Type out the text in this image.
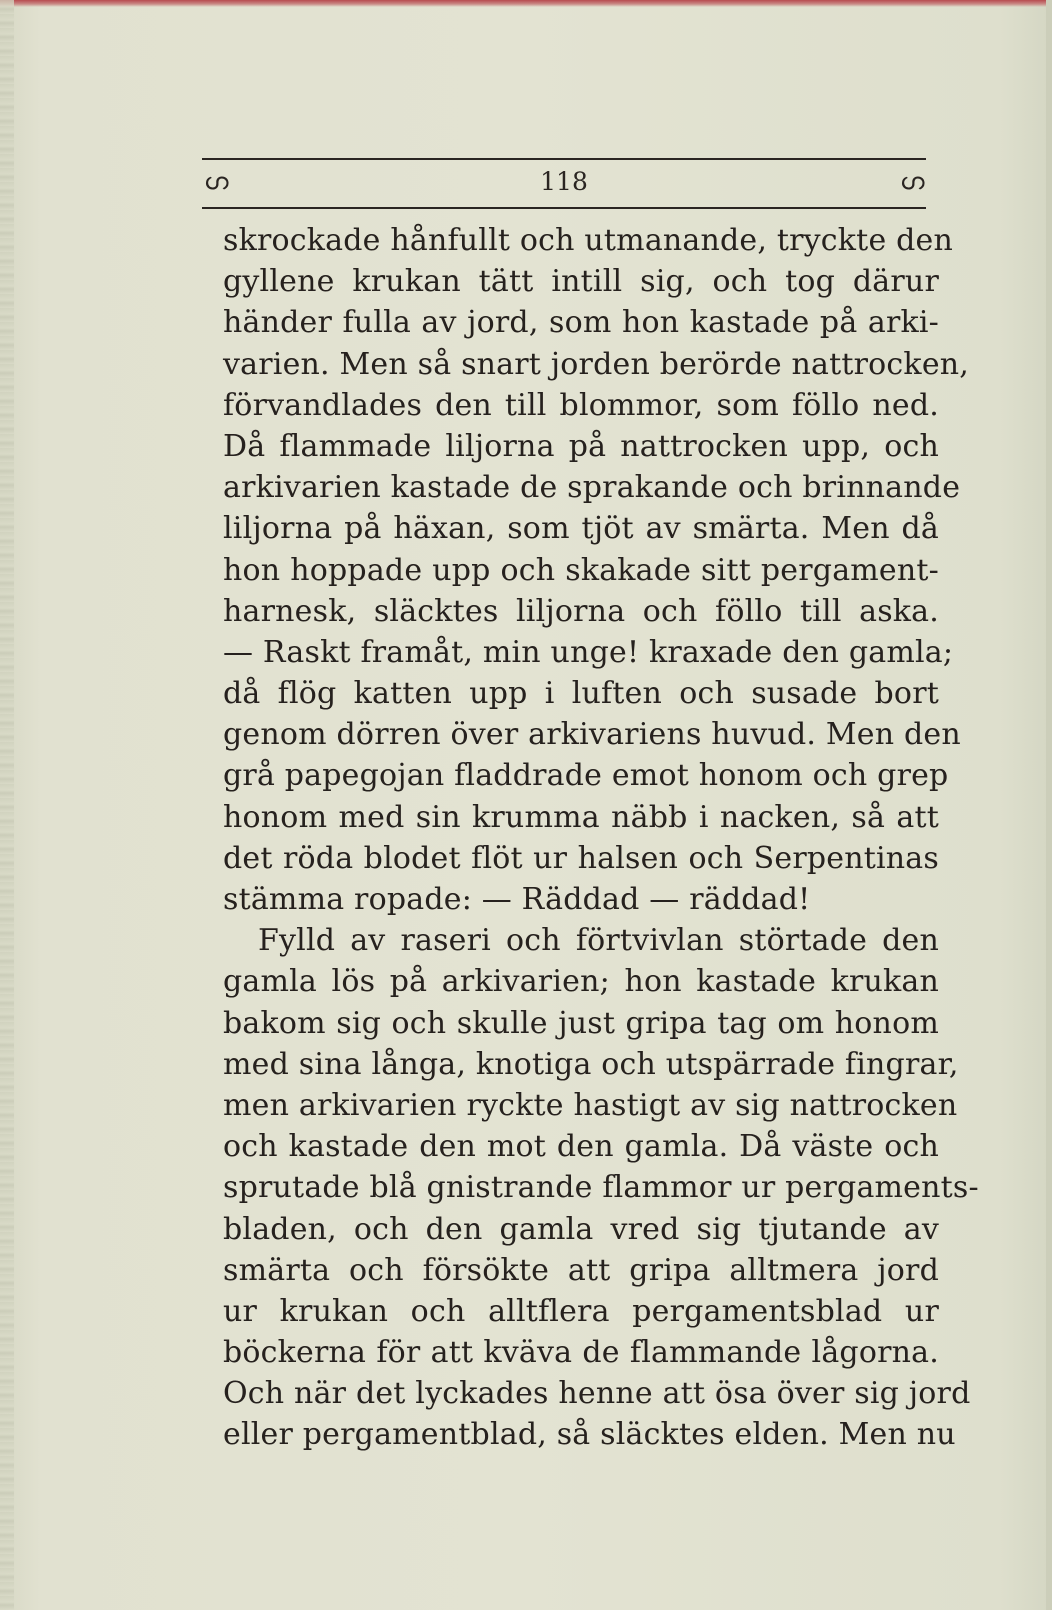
ഗ	118	ഗ
skrockade hånfullt och utmanande, tryckte den
gyllene krukan tätt intill sig, och tog därur
händer fulla av jord, som hon kastade på arki-
varien. Men så snart jorden berörde nattrocken,
förvandlades den till blommor, som föllo ned.
Då flammade liljorna på nattrocken upp, och
arkivarien kastade de sprakande och brinnande
liljorna på häxan, som tjöt av smärta. Men då
hon hoppade upp och skakade sitt pergament-
harnesk, släcktes liljorna och föllo till aska.
— Raskt framåt, min unge! kraxade den gamla;
då flög katten upp i luften och susade bort
genom dörren över arkivariens huvud. Men den
grå papegojan fladdrade emot honom och grep
honom med sin krumma näbb i nacken, så att
det röda blodet flöt ur halsen och Serpentinas
stämma ropade: — Räddad — räddad!
Fylld av raseri och förtvivlan störtade den
gamla lös på arkivarien; hon kastade krukan
bakom sig och skulle just gripa tag om honom
med sina långa, knotiga och utspärrade fingrar,
men arkivarien ryckte hastigt av sig nattrocken
och kastade den mot den gamla. Då väste och
sprutade blå gnistrande flammor ur pergaments-
bladen, och den gamla vred sig tjutande av
smärta och försökte att gripa alltmera jord
ur krukan och alltflera pergamentsblad ur
böckerna för att kväva de flammande lågorna.
Och när det lyckades henne att ösa över sig jord
eller pergamentblad, så släcktes elden. Men nu
